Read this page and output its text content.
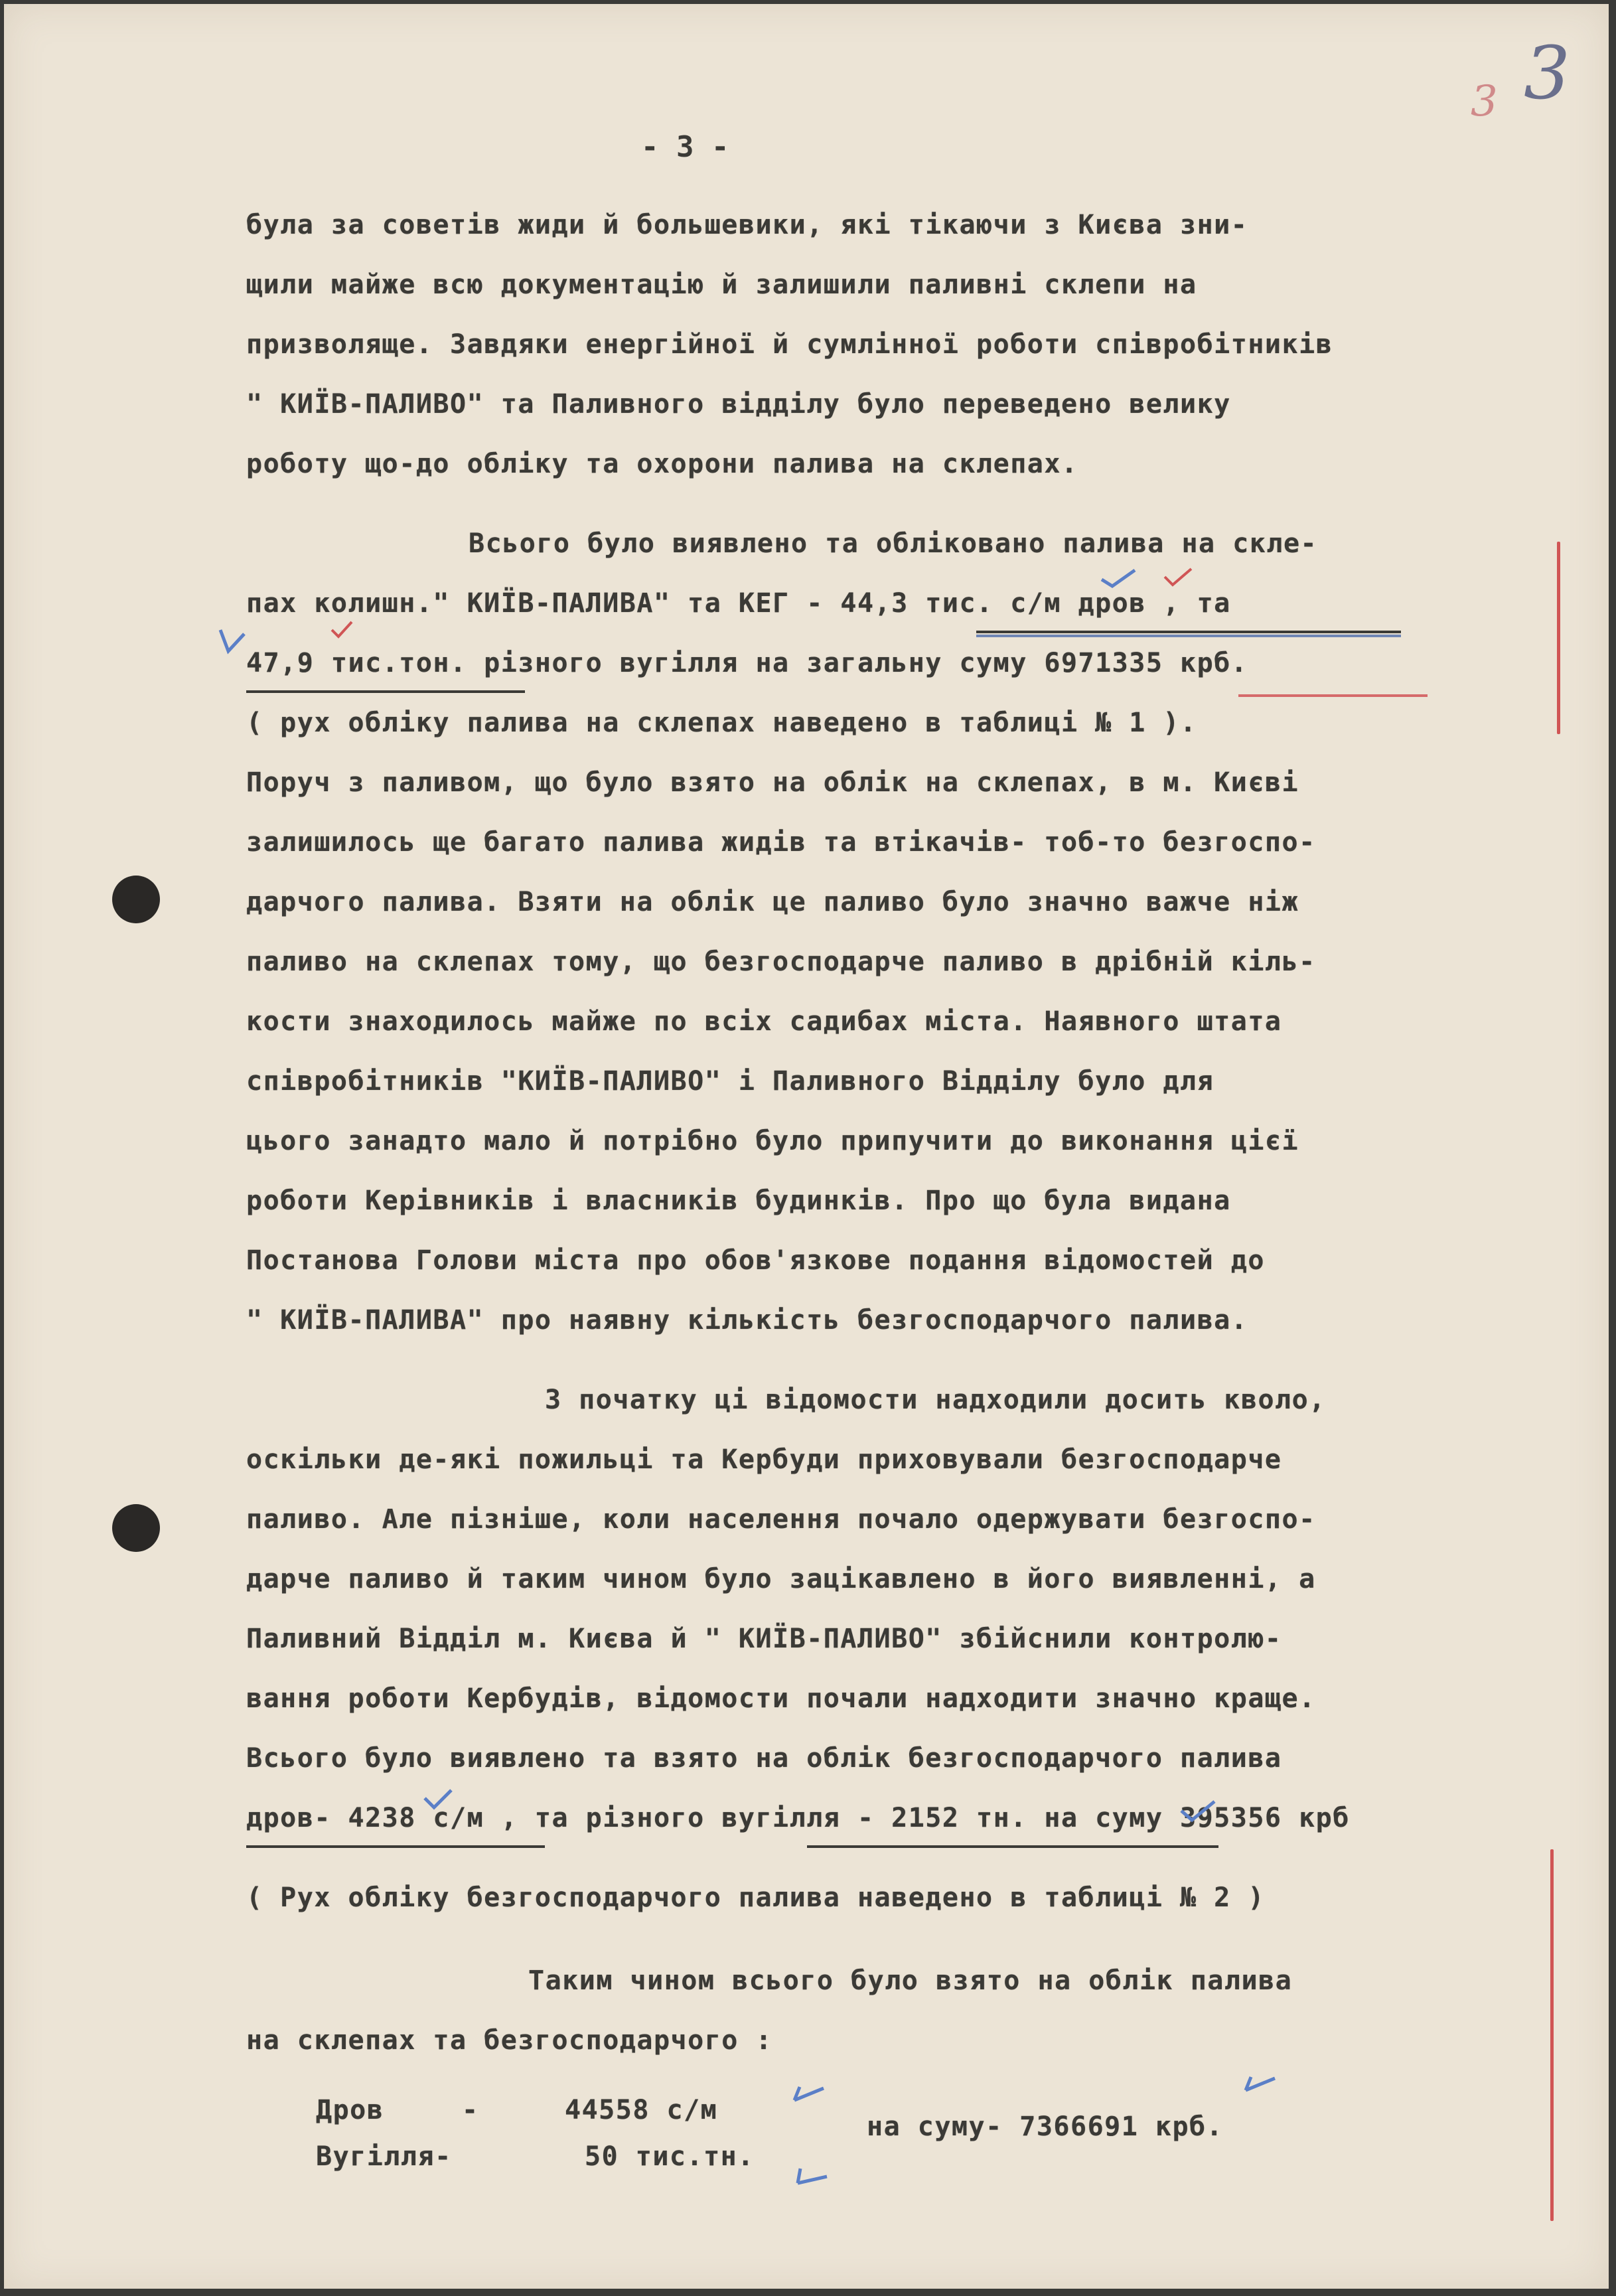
3 3

- 3 -

була за советів жиди й большевики, які тікаючи з Києва зни-

щили майже всю документацію й залишили паливні склепи на

призволяще. Завдяки енергійної й сумлінної роботи співробітників

" КИЇВ-ПАЛИВО" та Паливного відділу було переведено велику

роботу що-до обліку та охорони палива на склепах.

Всього було виявлено та обліковано палива на скле-

пах колишн." КИЇВ-ПАЛИВА" та КЕГ - 44,3 тис. с/м дров , та

47,9 тис.тон. різного вугілля на загальну суму 6971335 крб.

( рух обліку палива на склепах наведено в таблиці № 1 ).

Поруч з паливом, що було взято на облік на склепах, в м. Києві

залишилось ще багато палива жидів та втікачів- тоб-то безгоспо-

дарчого палива. Взяти на облік це паливо було значно важче ніж

паливо на склепах тому, що безгосподарче паливо в дрібній кіль-

кости знаходилось майже по всіх садибах міста. Наявного штата

співробітників "КИЇВ-ПАЛИВО" і Паливного Відділу було для

цього занадто мало й потрібно було припучити до виконання цієї

роботи Керівників і власників будинків. Про що була видана

Постанова Голови міста про обов'язкове подання відомостей до

" КИЇВ-ПАЛИВА" про наявну кількість безгосподарчого палива.

З початку ці відомости надходили досить кволо,

оскільки де-які пожильці та Кербуди приховували безгосподарче

паливо. Але пізніше, коли населення почало одержувати безгоспо-

дарче паливо й таким чином було зацікавлено в його виявленні, а

Паливний Відділ м. Києва й " КИЇВ-ПАЛИВО" збійснили контролю-

вання роботи Кербудів, відомости почали надходити значно краще.

Всього було виявлено та взято на облік безгосподарчого палива

дров- 4238 с/м , та різного вугілля - 2152 тн. на суму 395356 крб

( Рух обліку безгосподарчого палива наведено в таблиці № 2 )

Таким чином всього було взято на облік палива

на склепах та безгосподарчого :

Дров	-	44558 с/м

Вугілля-	50 тис.тн.

на суму- 7366691 крб.
